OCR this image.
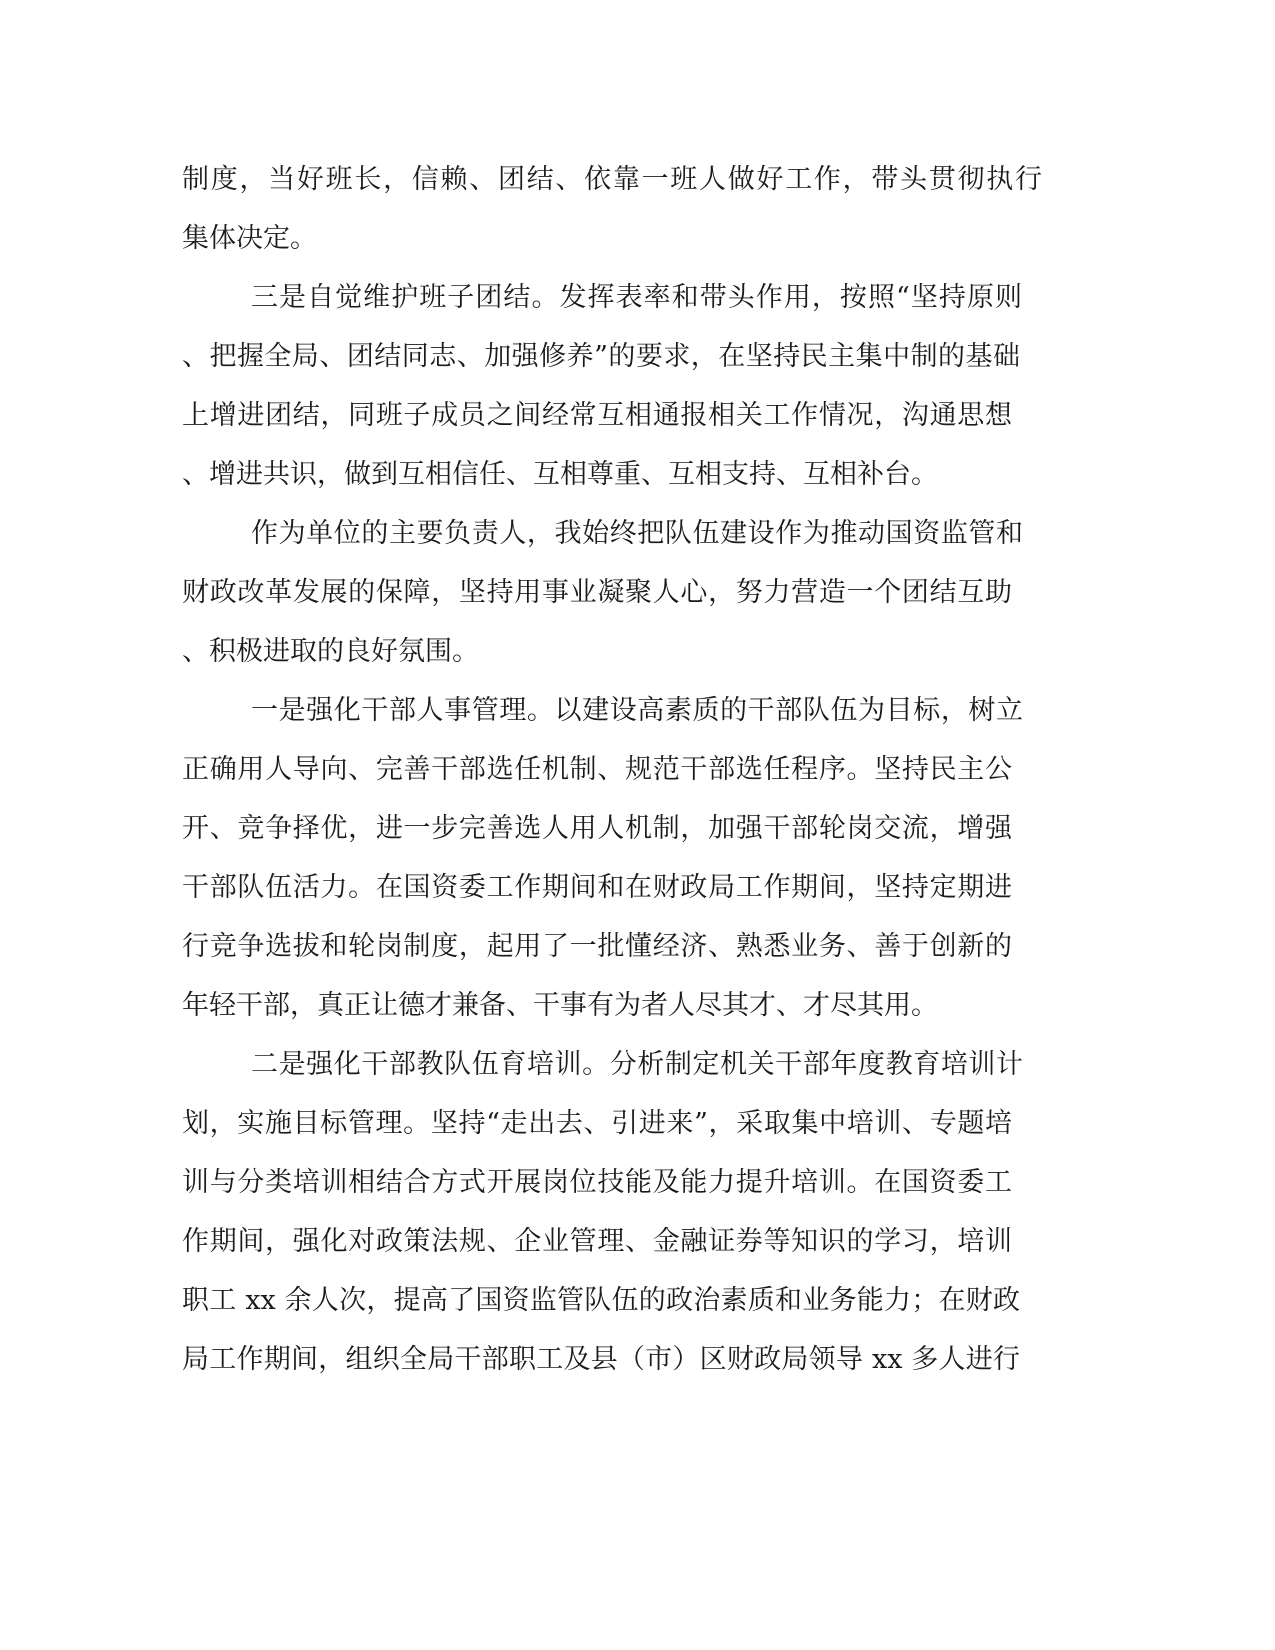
制度，当好班长，信赖、团结、依靠一班人做好工作，带头贯彻执行
集体决定。
三是自觉维护班子团结。发挥表率和带头作用，按照“坚持原则
、把握全局、团结同志、加强修养”的要求，在坚持民主集中制的基础
上增进团结，同班子成员之间经常互相通报相关工作情况，沟通思想
、增进共识，做到互相信任、互相尊重、互相支持、互相补台。
作为单位的主要负责人，我始终把队伍建设作为推动国资监管和
财政改革发展的保障，坚持用事业凝聚人心，努力营造一个团结互助
、积极进取的良好氛围。
一是强化干部人事管理。以建设高素质的干部队伍为目标，树立
正确用人导向、完善干部选任机制、规范干部选任程序。坚持民主公
开、竞争择优，进一步完善选人用人机制，加强干部轮岗交流，增强
干部队伍活力。在国资委工作期间和在财政局工作期间，坚持定期进
行竞争选拔和轮岗制度，起用了一批懂经济、熟悉业务、善于创新的
年轻干部，真正让德才兼备、干事有为者人尽其才、才尽其用。
二是强化干部教队伍育培训。分析制定机关干部年度教育培训计
划，实施目标管理。坚持“走出去、引进来”，采取集中培训、专题培
训与分类培训相结合方式开展岗位技能及能力提升培训。在国资委工
作期间，强化对政策法规、企业管理、金融证券等知识的学习，培训
职工 xx 余人次，提高了国资监管队伍的政治素质和业务能力；在财政
局工作期间，组织全局干部职工及县（市）区财政局领导 xx 多人进行
